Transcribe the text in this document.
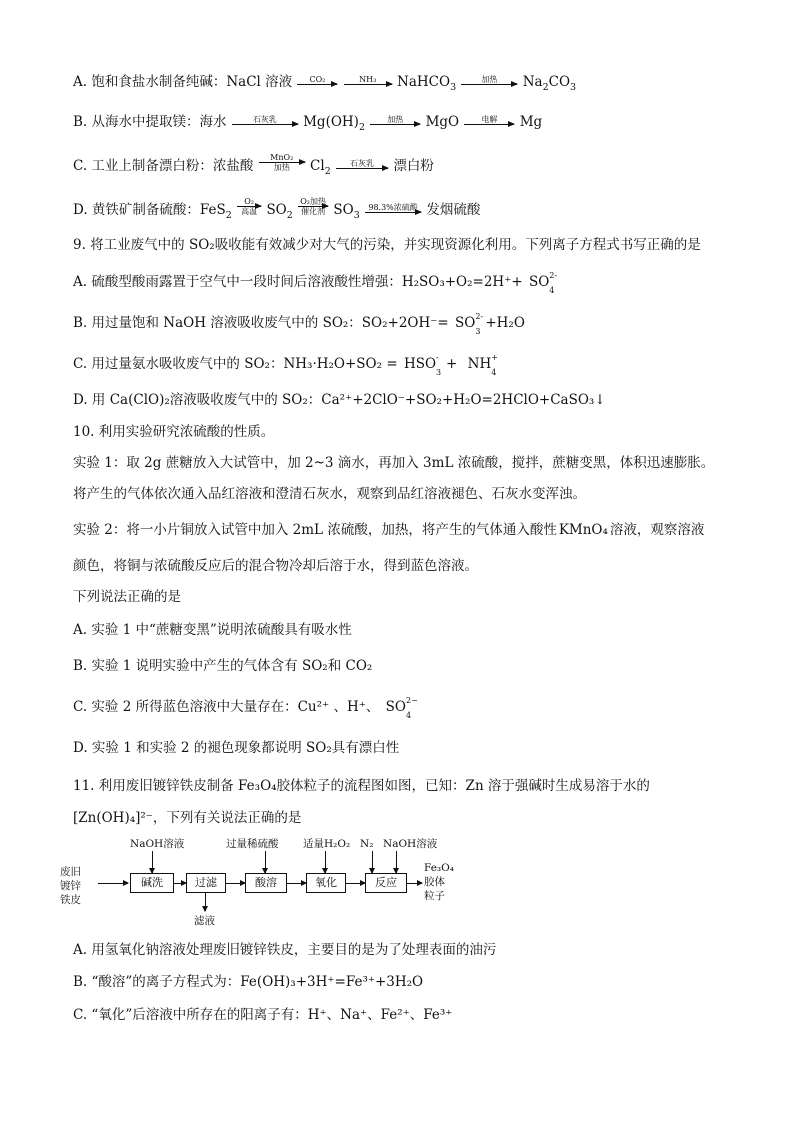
A. 饱和食盐水制备纯碱：NaCl 溶液	CO₂
	NH₃	NaHCO$_3$
加热	$Na_2CO_3$
B. 从海水中提取镁：海水	石灰乳	$Mg(OH)_2$
加热	MgO	电解	Mg
C. 工业上制备漂白粉：浓盐酸
MnO₂
加热	$Cl_2$
石灰乳	漂白粉
D. 黄铁矿制备硫酸：FeS$_2$
O₂
高温 $SO_2$
O₂加热
催化剂 $SO_3$
98.3%浓硫酸 发烟硫酸
9. 将工业废气中的 SO₂吸收能有效减少对大气的污染，并实现资源化利用。下列离子方程式书写正确的是
A. 硫酸型酸雨露置于空气中一段时间后溶液酸性增强：H₂SO₃+O₂=2H⁺+ SO 2-
4
B. 用过量饱和 NaOH 溶液吸收废气中的 SO₂：SO₂+2OH⁻= SO 2-
3
+H₂O
C. 用过量氨水吸收废气中的 SO₂：NH₃·H₂O+SO₂ = HSO -
3
+ NH +
4
D. 用 Ca(ClO)₂溶液吸收废气中的 SO₂：Ca²⁺+2ClO⁻+SO₂+H₂O=2HClO+CaSO₃↓
10. 利用实验研究浓硫酸的性质。
实验 1：取 2g 蔗糖放入大试管中，加 2~3 滴水，再加入 3mL 浓硫酸，搅拌，蔗糖变黑，体积迅速膨胀。
将产生的气体依次通入品红溶液和澄清石灰水，观察到品红溶液褪色、石灰水变浑浊。
实验 2：将一小片铜放入试管中加入 2mL 浓硫酸，加热，将产生的气体通入酸性 KMnO₄ 溶液，观察溶液
颜色，将铜与浓硫酸反应后的混合物冷却后溶于水，得到蓝色溶液。
下列说法正确的是
A. 实验 1 中“蔗糖变黑”说明浓硫酸具有吸水性
B. 实验 1 说明实验中产生的气体含有 SO₂和 CO₂
C. 实验 2 所得蓝色溶液中大量存在：Cu²⁺ 、H⁺、 SO 2−
4
D. 实验 1 和实验 2 的褪色现象都说明 SO₂具有漂白性
11. 利用废旧镀锌铁皮制备 Fe₃O₄胶体粒子的流程图如图，已知：Zn 溶于强碱时生成易溶于水的
[Zn(OH)₄]²⁻，下列有关说法正确的是
废旧
镀锌
铁皮
NaOH溶液
碱洗	过滤
滤液
过量稀硫酸
酸溶
适量H₂O₂
氧化
N₂ NaOH溶液
反应
Fe₃O₄
胶体
粒子
A. 用氢氧化钠溶液处理废旧镀锌铁皮，主要目的是为了处理表面的油污
B. “酸溶”的离子方程式为：Fe(OH)₃+3H⁺=Fe³⁺+3H₂O
C. “氧化”后溶液中所存在的阳离子有：H⁺、Na⁺、Fe²⁺、Fe³⁺
